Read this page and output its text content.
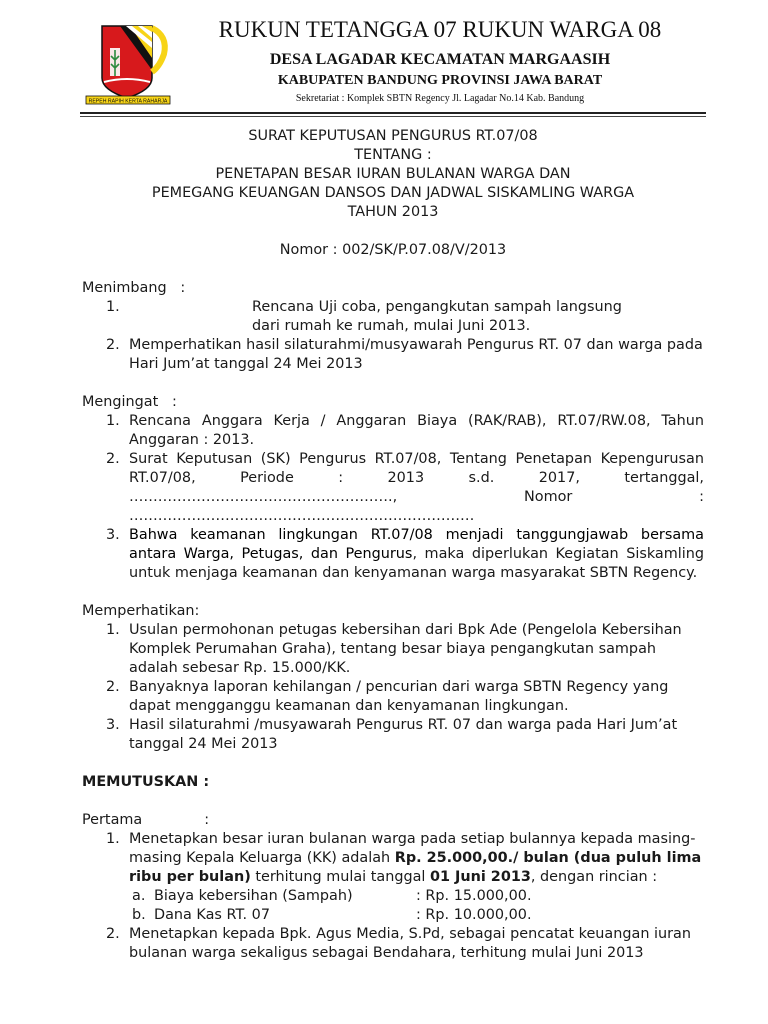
REPEH RAPIH KERTA RAHARJA
RUKUN TETANGGA 07 RUKUN WARGA 08
DESA LAGADAR KECAMATAN MARGAASIH
KABUPATEN BANDUNG PROVINSI JAWA BARAT
Sekretariat : Komplek SBTN Regency Jl. Lagadar No.14 Kab. Bandung
SURAT KEPUTUSAN PENGURUS RT.07/08
TENTANG :
PENETAPAN BESAR IURAN BULANAN WARGA DAN
PEMEGANG KEUANGAN DANSOS DAN JADWAL SISKAMLING WARGA
TAHUN 2013
Nomor : 002/SK/P.07.08/V/2013
Menimbang :
1.	Rencana Uji coba, pengangkutan sampah langsung
dari rumah ke rumah, mulai Juni 2013.
2. Memperhatikan hasil silaturahmi/musyawarah Pengurus RT. 07 dan warga pada Hari Jum’at tanggal 24 Mei 2013
Mengingat :
1. Rencana Anggara Kerja / Anggaran Biaya (RAK/RAB), RT.07/RW.08, Tahun Anggaran : 2013.
2. Surat Keputusan (SK) Pengurus RT.07/08, Tentang Penetapan Kepengurusan RT.07/08, Periode : 2013 s.d. 2017, tertanggal, ………………………………………………., Nomor : ………………………………………………………………
3. Bahwa keamanan lingkungan RT.07/08 menjadi tanggungjawab bersama antara Warga, Petugas, dan Pengurus, maka diperlukan Kegiatan Siskamling untuk menjaga keamanan dan kenyamanan warga masyarakat SBTN Regency.
Memperhatikan:
1. Usulan permohonan petugas kebersihan dari Bpk Ade (Pengelola Kebersihan Komplek Perumahan Graha), tentang besar biaya pengangkutan sampah adalah sebesar Rp. 15.000/KK.
2. Banyaknya laporan kehilangan / pencurian dari warga SBTN Regency yang dapat mengganggu keamanan dan kenyamanan lingkungan.
3. Hasil silaturahmi /musyawarah Pengurus RT. 07 dan warga pada Hari Jum’at tanggal 24 Mei 2013
MEMUTUSKAN :
Pertama	:
1. Menetapkan besar iuran bulanan warga pada setiap bulannya kepada masing-masing Kepala Keluarga (KK) adalah Rp. 25.000,00./ bulan (dua puluh lima ribu per bulan) terhitung mulai tanggal 01 Juni 2013, dengan rincian :
a. Biaya kebersihan (Sampah)	: Rp. 15.000,00.
b. Dana Kas RT. 07	: Rp. 10.000,00.
2. Menetapkan kepada Bpk. Agus Media, S.Pd, sebagai pencatat keuangan iuran bulanan warga sekaligus sebagai Bendahara, terhitung mulai Juni 2013
